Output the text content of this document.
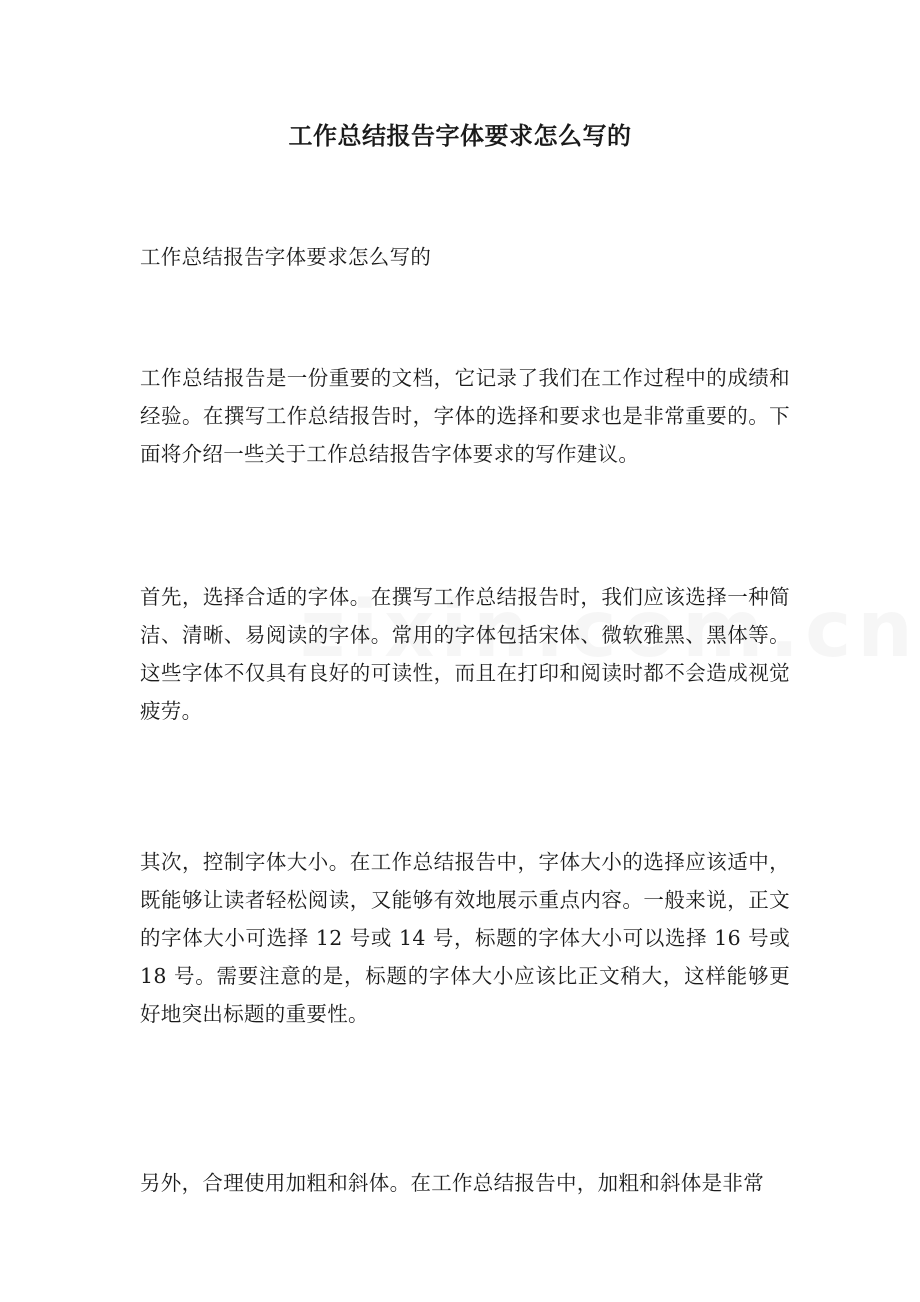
工作总结报告字体要求怎么写的

工作总结报告字体要求怎么写的

工作总结报告是一份重要的文档，它记录了我们在工作过程中的成绩和经验。在撰写工作总结报告时，字体的选择和要求也是非常重要的。下面将介绍一些关于工作总结报告字体要求的写作建议。

首先，选择合适的字体。在撰写工作总结报告时，我们应该选择一种简洁、清晰、易阅读的字体。常用的字体包括宋体、微软雅黑、黑体等。这些字体不仅具有良好的可读性，而且在打印和阅读时都不会造成视觉疲劳。

其次，控制字体大小。在工作总结报告中，字体大小的选择应该适中，既能够让读者轻松阅读，又能够有效地展示重点内容。一般来说，正文的字体大小可选择 12 号或 14 号，标题的字体大小可以选择 16 号或 18 号。需要注意的是，标题的字体大小应该比正文稍大，这样能够更好地突出标题的重要性。

另外，合理使用加粗和斜体。在工作总结报告中，加粗和斜体是非常
